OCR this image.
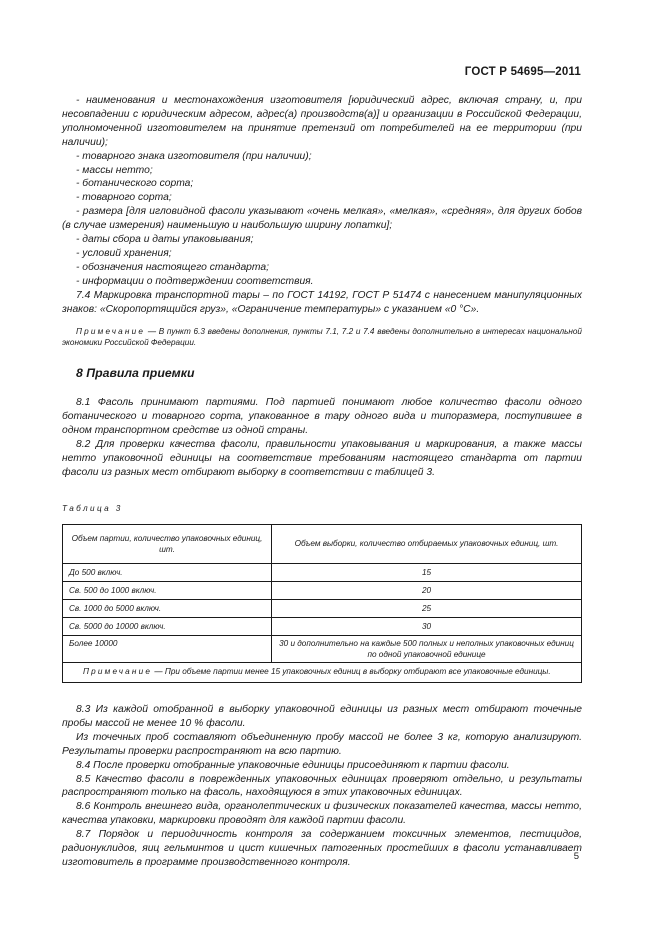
ГОСТ Р 54695—2011

- наименования и местонахождения изготовителя [юридический адрес, включая страну, и, при несовпадении с юридическим адресом, адрес(а) производств(а)] и организации в Российской Федерации, уполномоченной изготовителем на принятие претензий от потребителей на ее территории (при наличии);

- товарного знака изготовителя (при наличии);

- массы нетто;

- ботанического сорта;

- товарного сорта;

- размера [для игловидной фасоли указывают «очень мелкая», «мелкая», «средняя», для других бобов (в случае измерения) наименьшую и наибольшую ширину лопатки];

- даты сбора и даты упаковывания;

- условий хранения;

- обозначения настоящего стандарта;

- информации о подтверждении соответствия.

7.4 Маркировка транспортной тары – по ГОСТ 14192, ГОСТ Р 51474 с нанесением манипуляционных знаков: «Скоропортящийся груз», «Ограничение температуры» с указанием «0 °С».

Примечание — В пункт 6.3 введены дополнения, пункты 7.1, 7.2 и 7.4 введены дополнительно в интересах национальной экономики Российской Федерации.

8 Правила приемки

8.1 Фасоль принимают партиями. Под партией понимают любое количество фасоли одного ботанического и товарного сорта, упакованное в тару одного вида и типоразмера, поступившее в одном транспортном средстве из одной страны.

8.2 Для проверки качества фасоли, правильности упаковывания и маркирования, а также массы нетто упаковочной единицы на соответствие требованиям настоящего стандарта от партии фасоли из разных мест отбирают выборку в соответствии с таблицей 3.

Таблица 3
Объем партии, количество упаковочных единиц, шт.	Объем выборки, количество отбираемых упаковочных единиц, шт.
До 500 включ.	15
Св. 500 до 1000 включ.	20
Св. 1000 до 5000 включ.	25
Св. 5000 до 10000 включ.	30
Более 10000	30 и дополнительно на каждые 500 полных и неполных упаковочных единиц по одной упаковочной единице
Примечание — При объеме партии менее 15 упаковочных единиц в выборку отбирают все упаковочные единицы.	

8.3 Из каждой отобранной в выборку упаковочной единицы из разных мест отбирают точечные пробы массой не менее 10 % фасоли.

Из точечных проб составляют объединенную пробу массой не более 3 кг, которую анализируют. Результаты проверки распространяют на всю партию.

8.4 После проверки отобранные упаковочные единицы присоединяют к партии фасоли.

8.5 Качество фасоли в поврежденных упаковочных единицах проверяют отдельно, и результаты распространяют только на фасоль, находящуюся в этих упаковочных единицах.

8.6 Контроль внешнего вида, органолептических и физических показателей качества, массы нетто, качества упаковки, маркировки проводят для каждой партии фасоли.

8.7 Порядок и периодичность контроля за содержанием токсичных элементов, пестицидов, радионуклидов, яиц гельминтов и цист кишечных патогенных простейших в фасоли устанавливает изготовитель в программе производственного контроля.

5
